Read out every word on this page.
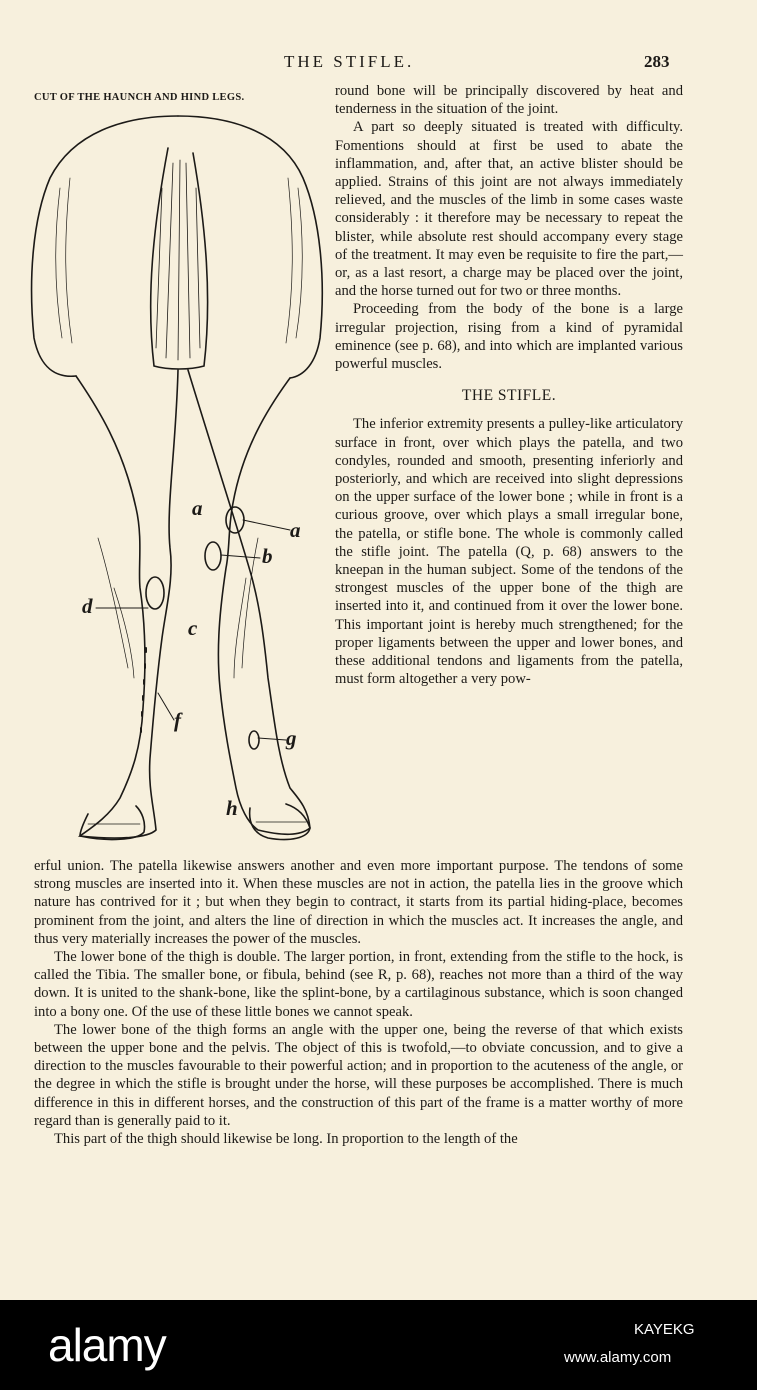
THE STIFLE.	283
CUT OF THE HAUNCH AND HIND LEGS.
a
a
b
c
d
f
g
h

round bone will be principally discovered by heat and tenderness in the situation of the joint.

A part so deeply situated is treated with difficulty. Fomentions should at first be used to abate the inflammation, and, after that, an active blister should be applied. Strains of this joint are not always immediately relieved, and the muscles of the limb in some cases waste considerably : it therefore may be necessary to repeat the blister, while absolute rest should accompany every stage of the treatment. It may even be requisite to fire the part,—or, as a last resort, a charge may be placed over the joint, and the horse turned out for two or three months.

Proceeding from the body of the bone is a large irregular projection, rising from a kind of pyramidal eminence (see p. 68), and into which are implanted various powerful muscles.

THE STIFLE.

The inferior extremity presents a pulley-like articulatory surface in front, over which plays the patella, and two condyles, rounded and smooth, presenting inferiorly and posteriorly, and which are received into slight depressions on the upper surface of the lower bone ; while in front is a curious groove, over which plays a small irregular bone, the patella, or stifle bone. The whole is commonly called the stifle joint. The patella (Q, p. 68) answers to the kneepan in the human subject. Some of the tendons of the strongest muscles of the upper bone of the thigh are inserted into it, and continued from it over the lower bone. This important joint is hereby much strengthened; for the proper ligaments between the upper and lower bones, and these additional tendons and ligaments from the patella, must form altogether a very pow-

erful union. The patella likewise answers another and even more important purpose. The tendons of some strong muscles are inserted into it. When these muscles are not in action, the patella lies in the groove which nature has contrived for it ; but when they begin to contract, it starts from its partial hiding-place, becomes prominent from the joint, and alters the line of direction in which the muscles act. It increases the angle, and thus very materially increases the power of the muscles.

The lower bone of the thigh is double. The larger portion, in front, extending from the stifle to the hock, is called the Tibia. The smaller bone, or fibula, behind (see R, p. 68), reaches not more than a third of the way down. It is united to the shank-bone, like the splint-bone, by a cartilaginous substance, which is soon changed into a bony one. Of the use of these little bones we cannot speak.

The lower bone of the thigh forms an angle with the upper one, being the reverse of that which exists between the upper bone and the pelvis. The object of this is twofold,—to obviate concussion, and to give a direction to the muscles favourable to their powerful action; and in proportion to the acuteness of the angle, or the degree in which the stifle is brought under the horse, will these purposes be accomplished. There is much difference in this in different horses, and the construction of this part of the frame is a matter worthy of more regard than is generally paid to it.

This part of the thigh should likewise be long. In proportion to the length of the

alamy	KAYEKG
www.alamy.com
